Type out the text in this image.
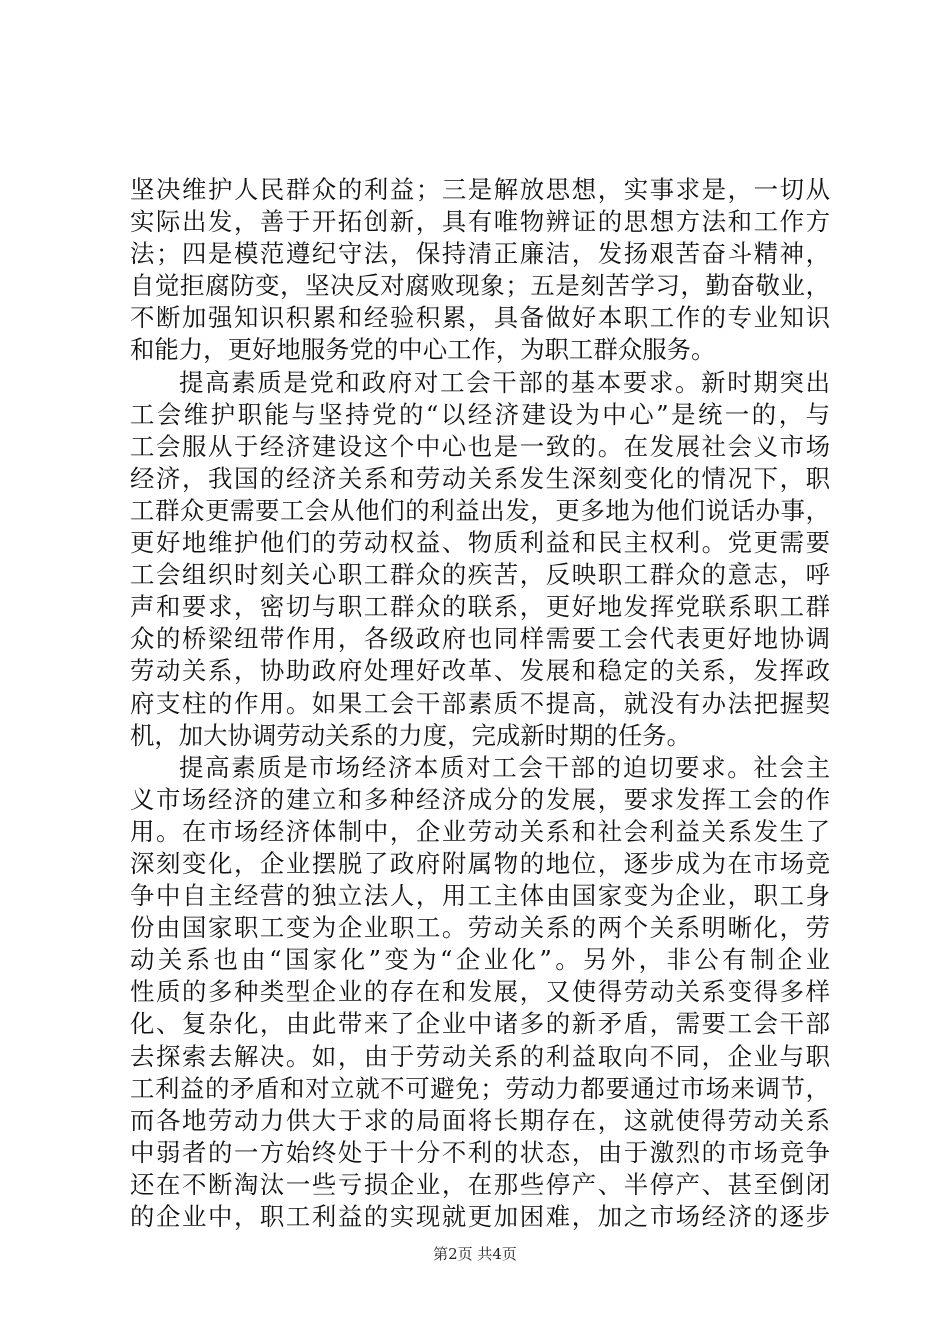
坚决维护人民群众的利益；三是解放思想，实事求是，一切从
实际出发，善于开拓创新，具有唯物辨证的思想方法和工作方
法；四是模范遵纪守法，保持清正廉洁，发扬艰苦奋斗精神，
自觉拒腐防变，坚决反对腐败现象；五是刻苦学习，勤奋敬业，
不断加强知识积累和经验积累，具备做好本职工作的专业知识
和能力，更好地服务党的中心工作，为职工群众服务。
提高素质是党和政府对工会干部的基本要求。新时期突出
工会维护职能与坚持党的“以经济建设为中心”是统一的，与
工会服从于经济建设这个中心也是一致的。在发展社会义市场
经济，我国的经济关系和劳动关系发生深刻变化的情况下，职
工群众更需要工会从他们的利益出发，更多地为他们说话办事，
更好地维护他们的劳动权益、物质利益和民主权利。党更需要
工会组织时刻关心职工群众的疾苦，反映职工群众的意志，呼
声和要求，密切与职工群众的联系，更好地发挥党联系职工群
众的桥梁纽带作用，各级政府也同样需要工会代表更好地协调
劳动关系，协助政府处理好改革、发展和稳定的关系，发挥政
府支柱的作用。如果工会干部素质不提高，就没有办法把握契
机，加大协调劳动关系的力度，完成新时期的任务。
提高素质是市场经济本质对工会干部的迫切要求。社会主
义市场经济的建立和多种经济成分的发展，要求发挥工会的作
用。在市场经济体制中，企业劳动关系和社会利益关系发生了
深刻变化，企业摆脱了政府附属物的地位，逐步成为在市场竞
争中自主经营的独立法人，用工主体由国家变为企业，职工身
份由国家职工变为企业职工。劳动关系的两个关系明晰化，劳
动关系也由“国家化”变为“企业化”。另外，非公有制企业
性质的多种类型企业的存在和发展，又使得劳动关系变得多样
化、复杂化，由此带来了企业中诸多的新矛盾，需要工会干部
去探索去解决。如，由于劳动关系的利益取向不同，企业与职
工利益的矛盾和对立就不可避免；劳动力都要通过市场来调节，
而各地劳动力供大于求的局面将长期存在，这就使得劳动关系
中弱者的一方始终处于十分不利的状态，由于激烈的市场竞争
还在不断淘汰一些亏损企业，在那些停产、半停产、甚至倒闭
的企业中，职工利益的实现就更加困难，加之市场经济的逐步
第2页 共4页
